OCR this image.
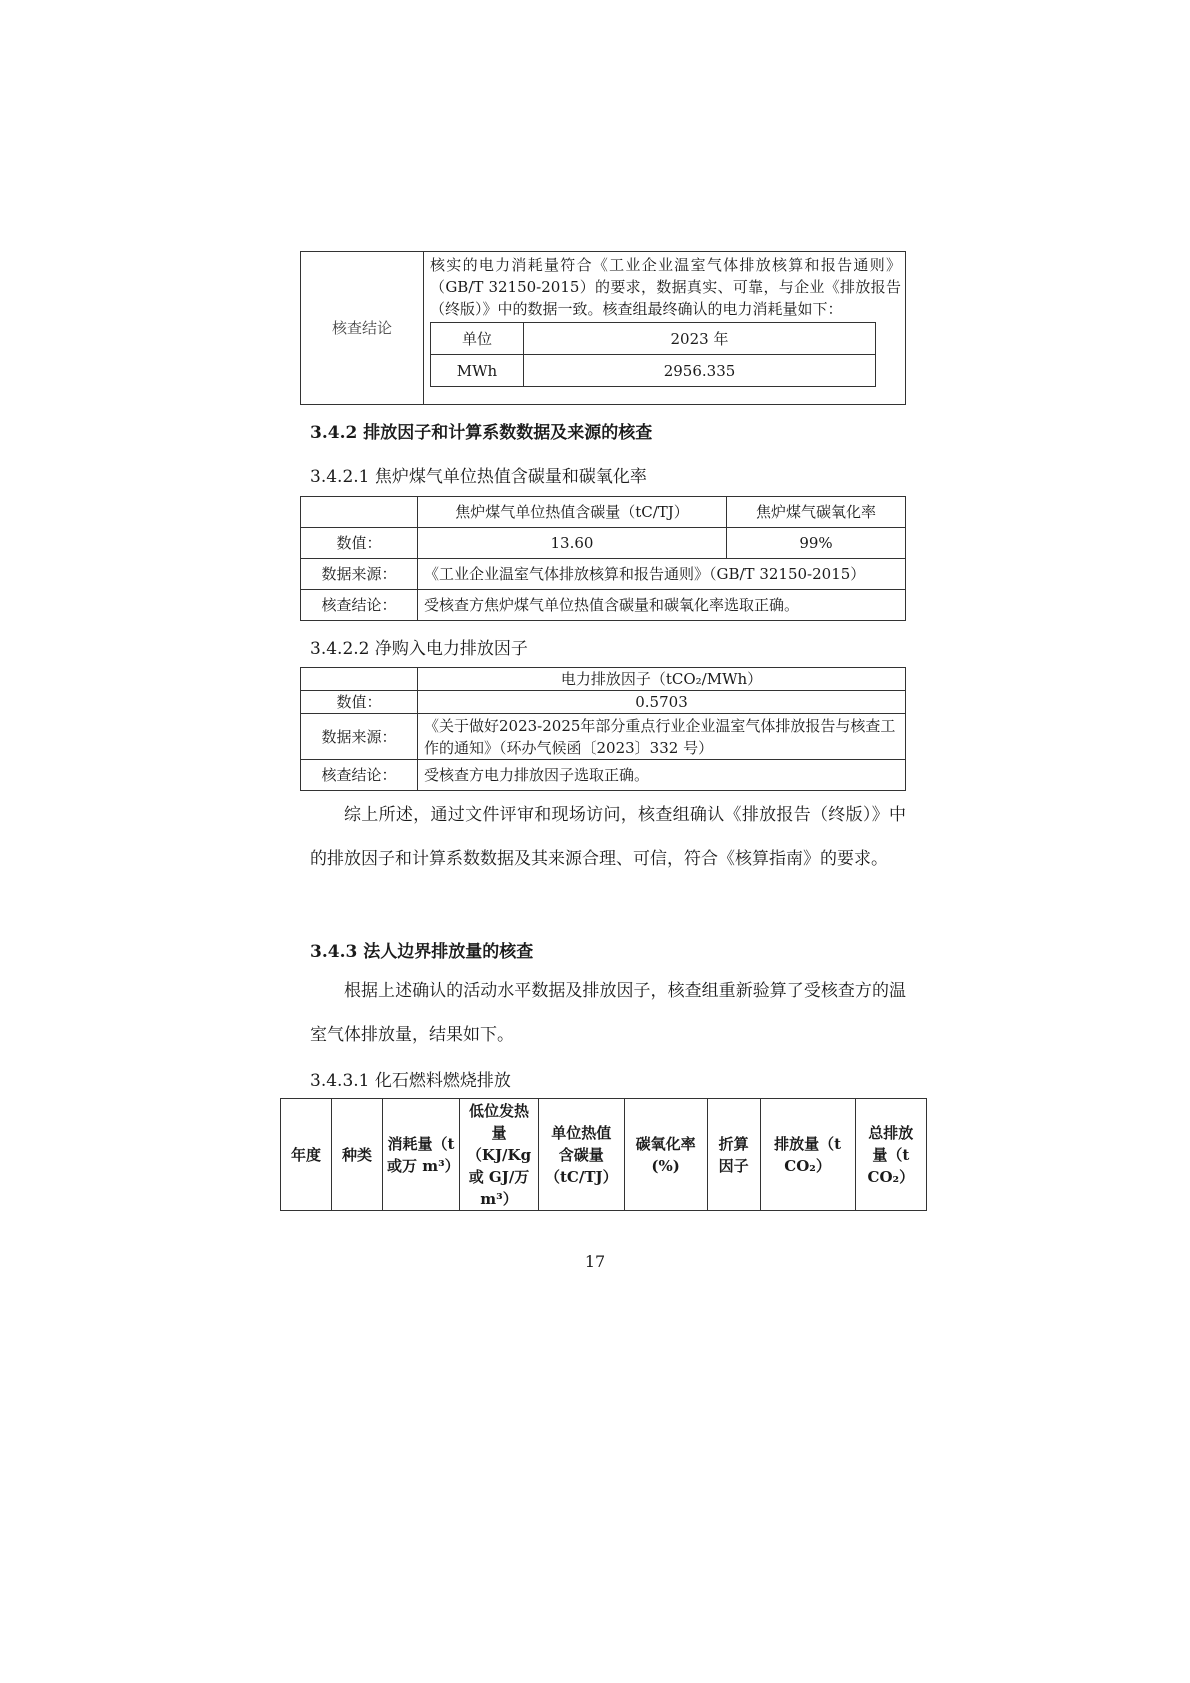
核查结论	
核实的电力消耗量符合《工业企业温室气体排放核算和报告通则》（GB/T 32150-2015）的要求，数据真实、可靠，与企业《排放报告（终版）》中的数据一致。核查组最终确认的电力消耗量如下：
单位	2023 年
MWh	2956.335
3.4.2 排放因子和计算系数数据及来源的核查
3.4.2.1 焦炉煤气单位热值含碳量和碳氧化率
	焦炉煤气单位热值含碳量（tC/TJ）	焦炉煤气碳氧化率
数值：	13.60	99%
数据来源：	《工业企业温室气体排放核算和报告通则》（GB/T 32150-2015）	
核查结论：	受核查方焦炉煤气单位热值含碳量和碳氧化率选取正确。	
3.4.2.2 净购入电力排放因子
	电力排放因子（tCO₂/MWh）
数值：	0.5703
数据来源：	《关于做好2023-2025年部分重点行业企业温室气体排放报告与核查工作的通知》（环办气候函〔2023〕332 号）
核查结论：	受核查方电力排放因子选取正确。
综上所述，通过文件评审和现场访问，核查组确认《排放报告（终版）》中的排放因子和计算系数数据及其来源合理、可信，符合《核算指南》的要求。
3.4.3 法人边界排放量的核查
根据上述确认的活动水平数据及排放因子，核查组重新验算了受核查方的温室气体排放量，结果如下。
3.4.3.1 化石燃料燃烧排放
年度	种类	消耗量（t 或万 m³）	低位发热量（KJ/Kg 或 GJ/万 m³）	单位热值含碳量（tC/TJ）	碳氧化率(%)	折算因子	排放量（t CO₂）	总排放量（t CO₂）
17
